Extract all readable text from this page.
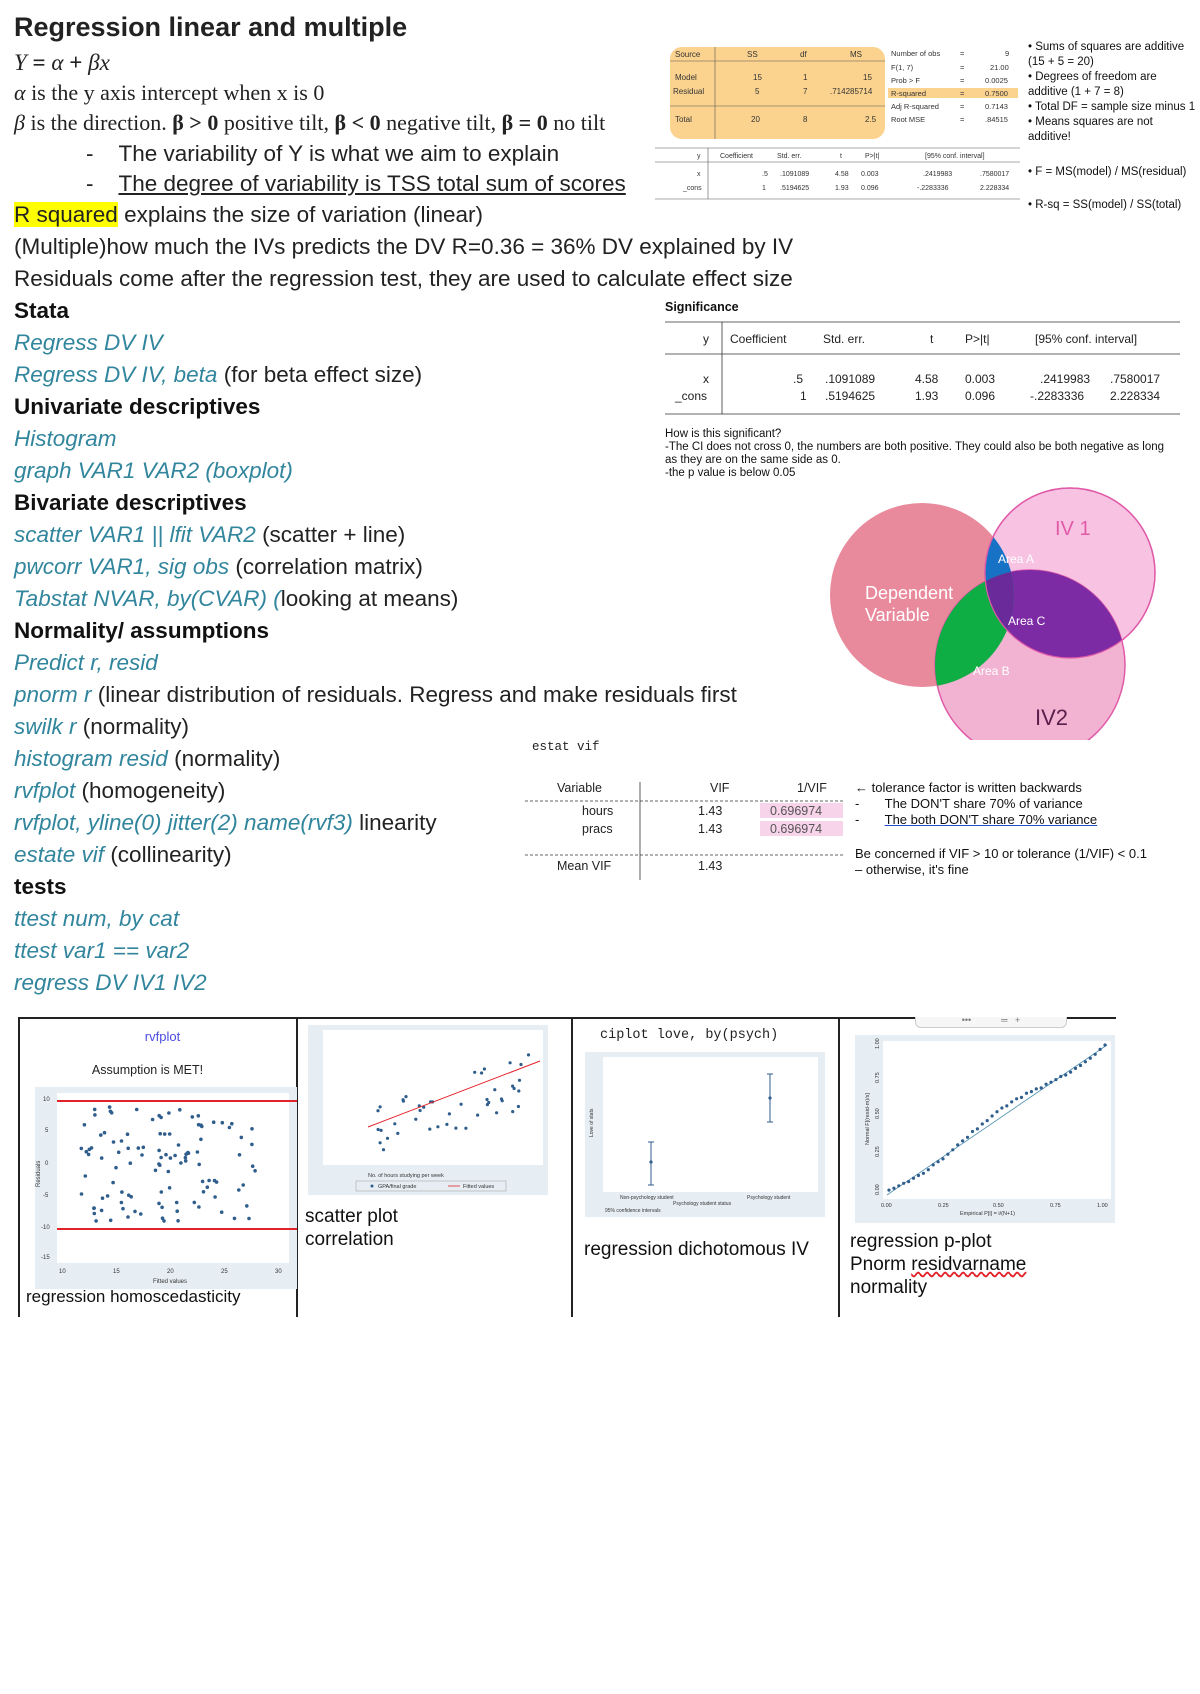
Regression linear and multiple
Y = α + βx
α is the y axis intercept when x is 0
β is the direction. β > 0 positive tilt, β < 0 negative tilt, β = 0 no tilt
-    The variability of Y is what we aim to explain
-    The degree of variability is TSS total sum of scores
R squared explains the size of variation (linear)
(Multiple)how much the IVs predicts the DV R=0.36 = 36% DV explained by IV
Residuals come after the regression test, they are used to calculate effect size
Stata
Regress DV IV
Regress DV IV, beta (for beta effect size)
Univariate descriptives
Histogram
graph VAR1 VAR2 (boxplot)
Bivariate descriptives
scatter VAR1 || lfit VAR2 (scatter + line)
pwcorr VAR1, sig obs (correlation matrix)
Tabstat NVAR, by(CVAR) (looking at means)
Normality/ assumptions
Predict r, resid
pnorm r (linear distribution of residuals. Regress and make residuals first
swilk r (normality)
histogram resid (normality)
rvfplot (homogeneity)
rvfplot, yline(0) jitter(2) name(rvf3) linearity
estate vif (collinearity)
tests
ttest num, by cat
ttest var1 == var2
regress DV IV1 IV2
Source	SS	df	MS
Model	15	1	15
Residual	5	7	.714285714
Total	20	8	2.5
Number of obs	=	9
F(1, 7)	=	21.00
Prob > F	=	0.0025
R-squared	=	0.7500
Adj R-squared	=	0.7143
Root MSE	=	.84515
y	Coefficient	Std. err.	t	P>|t|	[95% conf. interval]
x	.5 .1091089	4.58 0.003	.2419983	.7580017
_cons	1 .5194625	1.93 0.096	-.2283336	2.228334
• Sums of squares are additive (15 + 5 = 20)
• Degrees of freedom are additive (1 + 7 = 8)
• Total DF = sample size minus 1
• Means squares are not additive!
• F = MS(model) / MS(residual)
• R-sq = SS(model) / SS(total)
Significance
y Coefficient	Std. err.	t	P>|t|	[95% conf. interval]
x	.5 .1091089	4.58 0.003	.2419983 .7580017
_cons	1 .5194625	1.93 0.096	-.2283336 2.228334
How is this significant?
-The CI does not cross 0, the numbers are both positive. They could also be both negative as long
as they are on the same side as 0.
-the p value is below 0.05
Dependent
Variable
IV 1
IV2
Area A
Area B
Area C
estat vif
Variable	VIF	1/VIF
hours	1.43	0.696974
pracs	1.43	0.696974
Mean VIF	1.43
← tolerance factor is written backwards
- The DON'T share 70% of variance
- The both DON'T share 70% variance
Be concerned if VIF > 10 or tolerance (1/VIF) < 0.1
– otherwise, it's fine
rvfplot
Assumption is MET!
10
5
0
-5
-10
-15
10	15	20	25	30
Fitted values
Residuals
regression homoscedasticity
No. of hours studying per week
GPA/final grade	Fitted values
scatter plot
correlation
ciplot love, by(psych)
Non-psychology student	Psychology student
Psychology student status
95% confidence intervals
Love of stats
regression dichotomous IV
•••            ═   +
0.00	0.25	0.50	0.75	1.00
Empirical P[i] = i/(N+1)
Normal F[(resid-m)/s]
0.00
0.25
0.50
0.75
1.00
regression p-plot
Pnorm residvarname
normality
